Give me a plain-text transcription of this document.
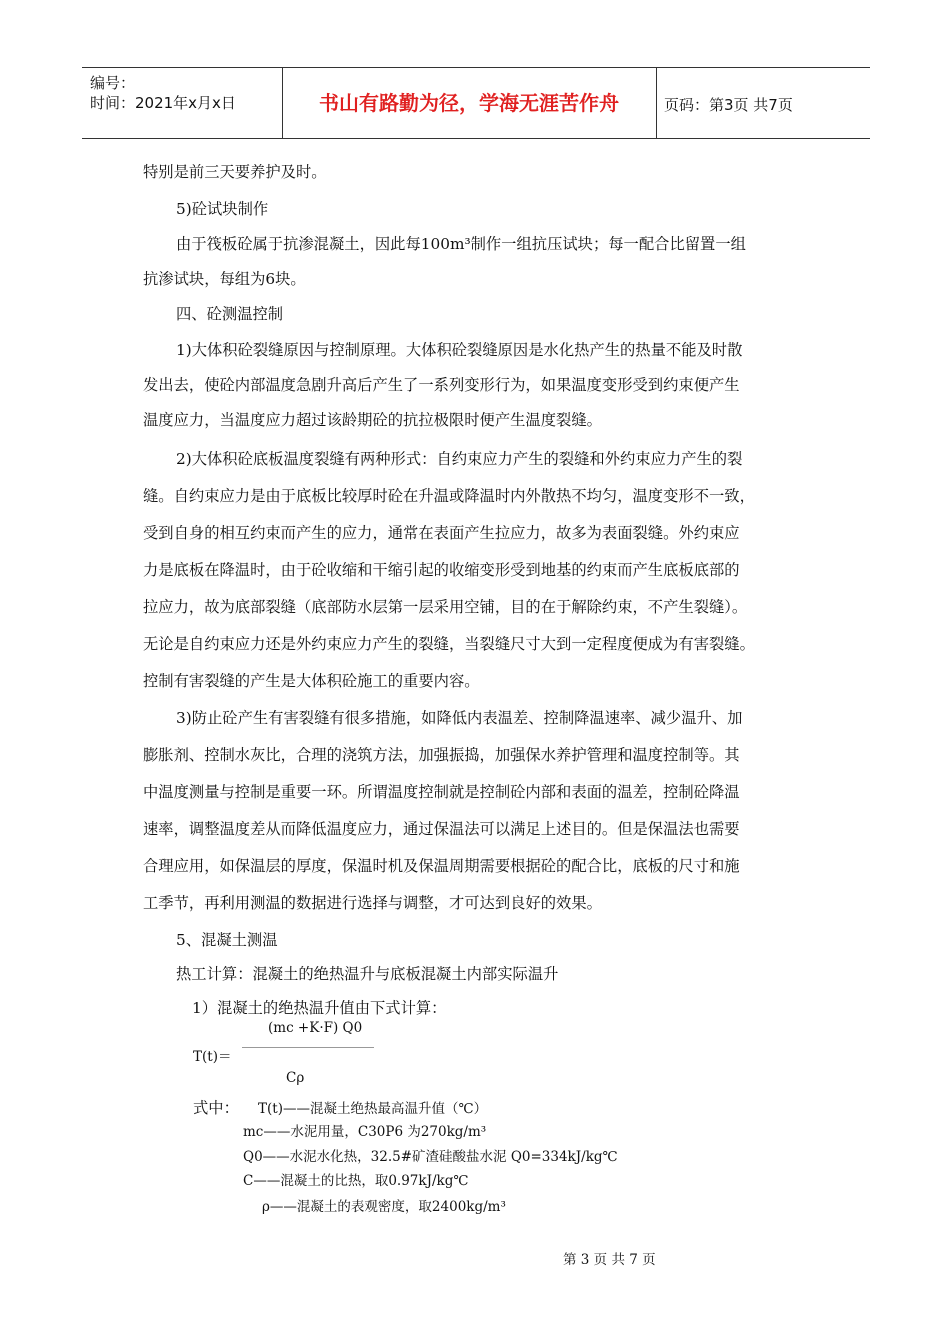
编号：
时间：2021年x月x日	书山有路勤为径，学海无涯苦作舟	页码：第3页 共7页
特别是前三天要养护及时。
5)砼试块制作
由于筏板砼属于抗渗混凝土，因此每100m³制作一组抗压试块；每一配合比留置一组
抗渗试块，每组为6块。
四、砼测温控制
1)大体积砼裂缝原因与控制原理。大体积砼裂缝原因是水化热产生的热量不能及时散
发出去，使砼内部温度急剧升高后产生了一系列变形行为，如果温度变形受到约束便产生
温度应力，当温度应力超过该龄期砼的抗拉极限时便产生温度裂缝。
2)大体积砼底板温度裂缝有两种形式：自约束应力产生的裂缝和外约束应力产生的裂
缝。自约束应力是由于底板比较厚时砼在升温或降温时内外散热不均匀，温度变形不一致，
受到自身的相互约束而产生的应力，通常在表面产生拉应力，故多为表面裂缝。外约束应
力是底板在降温时，由于砼收缩和干缩引起的收缩变形受到地基的约束而产生底板底部的
拉应力，故为底部裂缝（底部防水层第一层采用空铺，目的在于解除约束，不产生裂缝）。
无论是自约束应力还是外约束应力产生的裂缝，当裂缝尺寸大到一定程度便成为有害裂缝。
控制有害裂缝的产生是大体积砼施工的重要内容。
3)防止砼产生有害裂缝有很多措施，如降低内表温差、控制降温速率、减少温升、加
膨胀剂、控制水灰比，合理的浇筑方法，加强振捣，加强保水养护管理和温度控制等。其
中温度测量与控制是重要一环。所谓温度控制就是控制砼内部和表面的温差，控制砼降温
速率，调整温度差从而降低温度应力，通过保温法可以满足上述目的。但是保温法也需要
合理应用，如保温层的厚度，保温时机及保温周期需要根据砼的配合比，底板的尺寸和施
工季节，再利用测温的数据进行选择与调整，才可达到良好的效果。
5、混凝土测温
热工计算：混凝土的绝热温升与底板混凝土内部实际温升
1）混凝土的绝热温升值由下式计算：
(mc +K·F) Q0
T(t)＝
Cρ
式中： T(t)——混凝土绝热最高温升值（℃）
mc——水泥用量，C30P6 为270kg/m³
Q0——水泥水化热，32.5#矿渣硅酸盐水泥 Q0=334kJ/kg℃
C——混凝土的比热，取0.97kJ/kg℃
ρ——混凝土的表观密度，取2400kg/m³
第 3 页 共 7 页
